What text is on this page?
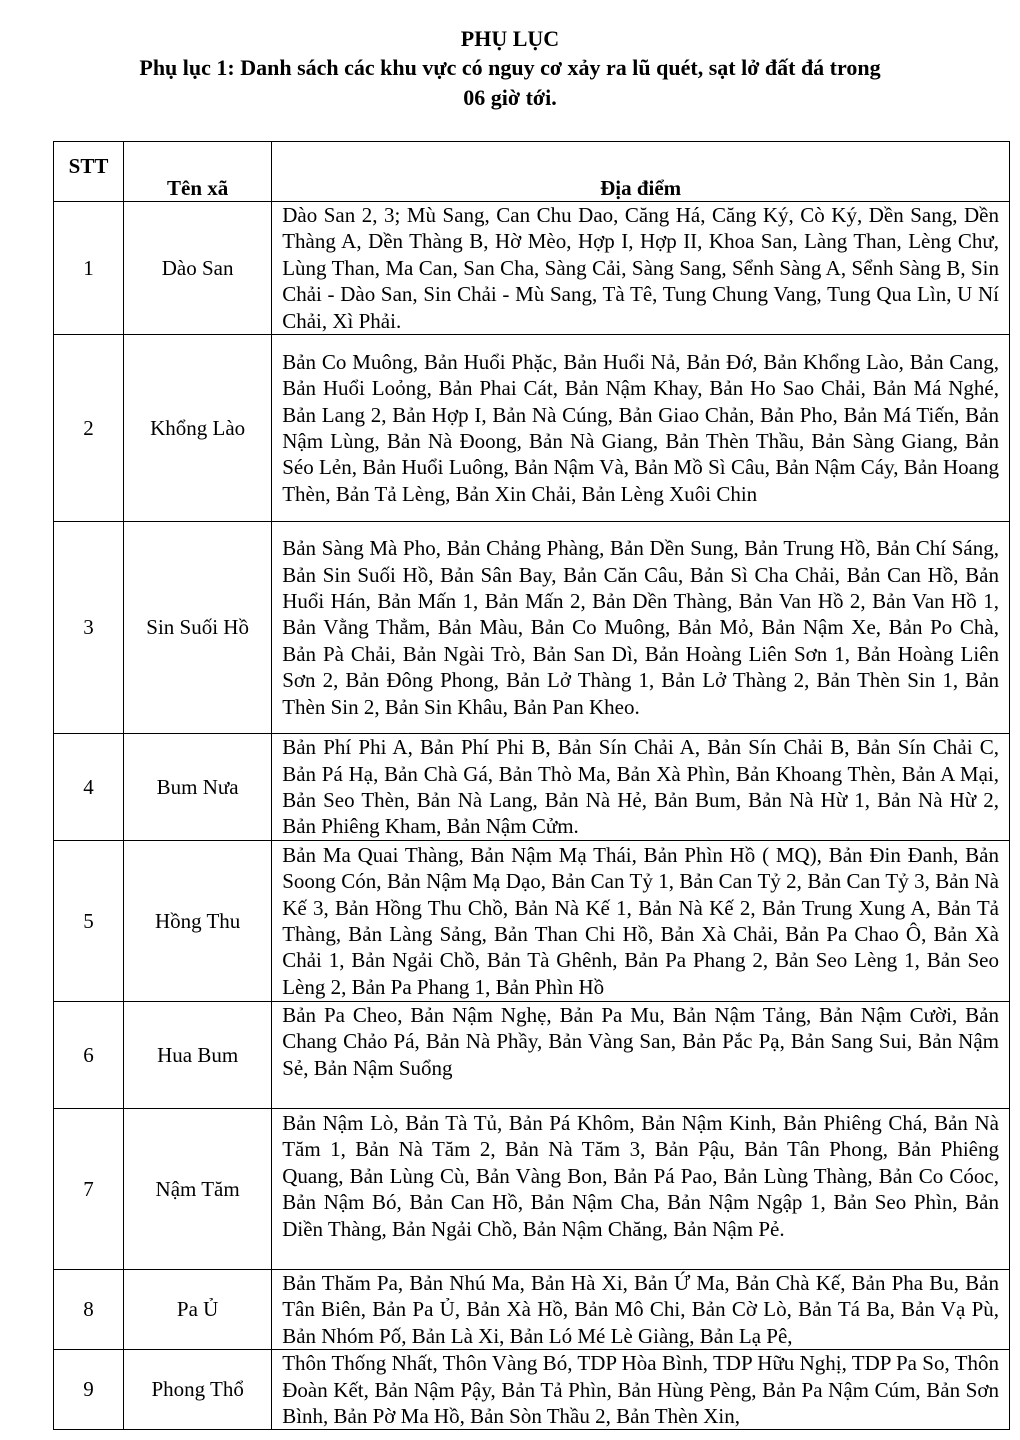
PHỤ LỤC
Phụ lục 1: Danh sách các khu vực có nguy cơ xảy ra lũ quét, sạt lở đất đá trong
06 giờ tới.
STT	Tên xã	Địa điểm
1	Dào San	Dào San 2, 3; Mù Sang, Can Chu Dao, Căng Há, Căng Ký, Cò Ký, Dền Sang, Dền Thàng A, Dền Thàng B, Hờ Mèo, Hợp I, Hợp II, Khoa San, Làng Than, Lèng Chư, Lùng Than, Ma Can, San Cha, Sàng Cải, Sàng Sang, Sểnh Sàng A, Sểnh Sàng B, Sin Chải - Dào San, Sin Chải - Mù Sang, Tà Tê, Tung Chung Vang, Tung Qua Lìn, U Ní Chải, Xì Phải.
2	Khổng Lào	Bản Co Muông, Bản Huổi Phặc, Bản Huổi Nả, Bản Đớ, Bản Khổng Lào, Bản Cang, Bản Huổi Loỏng, Bản Phai Cát, Bản Nậm Khay, Bản Ho Sao Chải, Bản Má Nghé, Bản Lang 2, Bản Hợp I, Bản Nà Cúng, Bản Giao Chản, Bản Pho, Bản Má Tiến, Bản Nậm Lùng, Bản Nà Đoong, Bản Nà Giang, Bản Thèn Thầu, Bản Sàng Giang, Bản Séo Lẻn, Bản Huổi Luông, Bản Nậm Và, Bản Mồ Sì Câu, Bản Nậm Cáy, Bản Hoang Thèn, Bản Tả Lèng, Bản Xin Chải, Bản Lèng Xuôi Chin
3	Sin Suối Hồ	Bản Sàng Mà Pho, Bản Chảng Phàng, Bản Dền Sung, Bản Trung Hồ, Bản Chí Sáng, Bản Sin Suối Hồ, Bản Sân Bay, Bản Căn Câu, Bản Sì Cha Chải, Bản Can Hồ, Bản Huổi Hán, Bản Mấn 1, Bản Mấn 2, Bản Dền Thàng, Bản Van Hồ 2, Bản Van Hồ 1, Bản Vằng Thẳm, Bản Màu, Bản Co Muông, Bản Mỏ, Bản Nậm Xe, Bản Po Chà, Bản Pà Chải, Bản Ngài Trò, Bản San Dì, Bản Hoàng Liên Sơn 1, Bản Hoàng Liên Sơn 2, Bản Đông Phong, Bản Lở Thàng 1, Bản Lở Thàng 2, Bản Thèn Sin 1, Bản Thèn Sin 2, Bản Sin Khâu, Bản Pan Kheo.
4	Bum Nưa	Bản Phí Phi A, Bản Phí Phi B, Bản Sín Chải A, Bản Sín Chải B, Bản Sín Chải C, Bản Pá Hạ, Bản Chà Gá, Bản Thò Ma, Bản Xà Phìn, Bản Khoang Thèn, Bản A Mại, Bản Seo Thèn, Bản Nà Lang, Bản Nà Hẻ, Bản Bum, Bản Nà Hừ 1, Bản Nà Hừ 2, Bản Phiêng Kham, Bản Nậm Cửm.
5	Hồng Thu	Bản Ma Quai Thàng, Bản Nậm Mạ Thái, Bản Phìn Hồ ( MQ), Bản Đin Đanh, Bản Soong Cón, Bản Nậm Mạ Dạo, Bản Can Tỷ 1, Bản Can Tỷ 2, Bản Can Tỷ 3, Bản Nà Kế 3, Bản Hồng Thu Chồ, Bản Nà Kế 1, Bản Nà Kế 2, Bản Trung Xung A, Bản Tả Thàng, Bản Làng Sảng, Bản Than Chi Hồ, Bản Xà Chải, Bản Pa Chao Ô, Bản Xà Chải 1, Bản Ngải Chồ, Bản Tà Ghênh, Bản Pa Phang 2, Bản Seo Lèng 1, Bản Seo Lèng 2, Bản Pa Phang 1, Bản Phìn Hồ
6	Hua Bum	Bản Pa Cheo, Bản Nậm Nghẹ, Bản Pa Mu, Bản Nậm Tảng, Bản Nậm Cười, Bản Chang Chảo Pá, Bản Nà Phầy, Bản Vàng San, Bản Pắc Pạ, Bản Sang Sui, Bản Nậm Sẻ, Bản Nậm Suổng
7	Nậm Tăm	Bản Nậm Lò, Bản Tà Tủ, Bản Pá Khôm, Bản Nậm Kinh, Bản Phiêng Chá, Bản Nà Tăm 1, Bản Nà Tăm 2, Bản Nà Tăm 3, Bản Pậu, Bản Tân Phong, Bản Phiêng Quang, Bản Lùng Cù, Bản Vàng Bon, Bản Pá Pao, Bản Lùng Thàng, Bản Co Cóoc, Bản Nậm Bó, Bản Can Hồ, Bản Nậm Cha, Bản Nậm Ngập 1, Bản Seo Phìn, Bản Diền Thàng, Bản Ngải Chồ, Bản Nậm Chăng, Bản Nậm Pẻ.
8	Pa Ủ	Bản Thăm Pa, Bản Nhú Ma, Bản Hà Xi, Bản Ứ Ma, Bản Chà Kế, Bản Pha Bu, Bản Tân Biên, Bản Pa Ủ, Bản Xà Hồ, Bản Mô Chi, Bản Cờ Lò, Bản Tá Ba, Bản Vạ Pù, Bản Nhóm Pố, Bản Là Xi, Bản Ló Mé Lè Giàng, Bản Lạ Pê,
9	Phong Thổ	Thôn Thống Nhất, Thôn Vàng Bó, TDP Hòa Bình, TDP Hữu Nghị, TDP Pa So, Thôn Đoàn Kết, Bản Nậm Pậy, Bản Tả Phìn, Bản Hùng Pèng, Bản Pa Nậm Cúm, Bản Sơn Bình, Bản Pờ Ma Hồ, Bản Sòn Thầu 2, Bản Thèn Xin,
